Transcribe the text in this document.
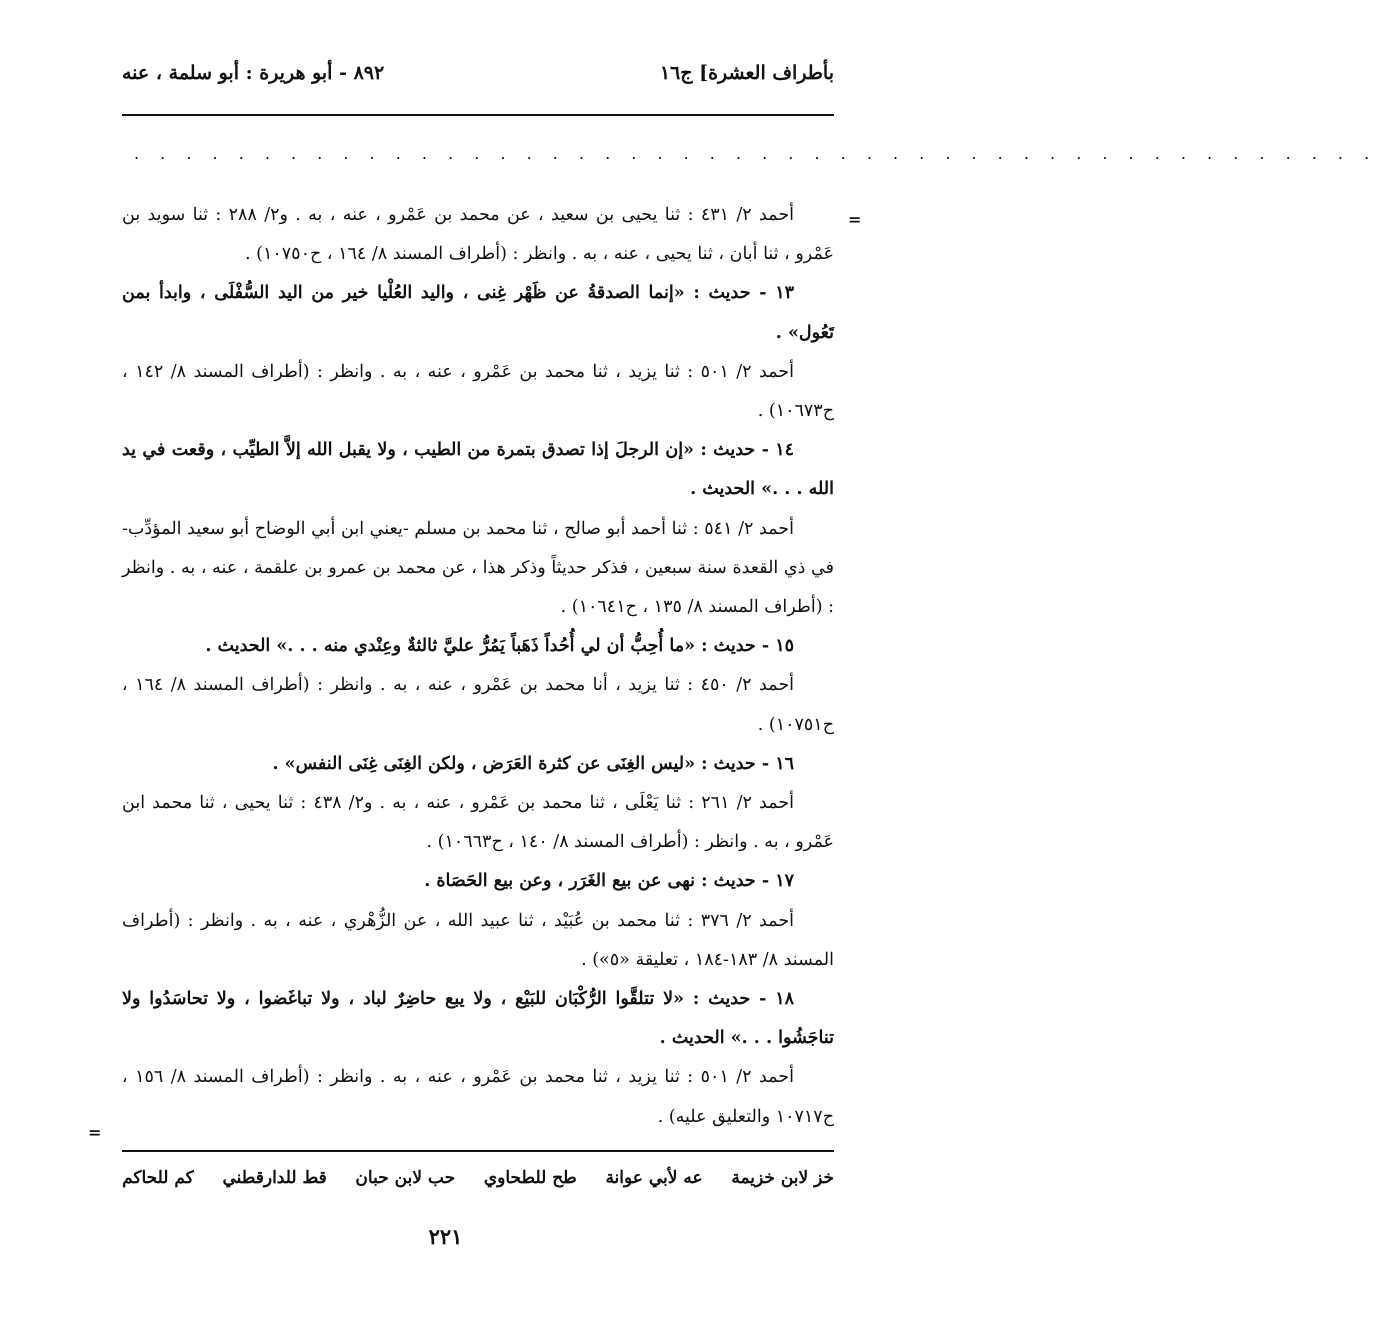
بأطراف العشرة] ج١٦
٨٩٢ - أبو هريرة : أبو سلمة ، عنه
. . . . . . . . . . . . . . . . . . . . . . . . . . . . . . . . . . . . . . . . . . . . . . . .
=
=

أحمد ٢/ ٤٣١ : ثنا يحيى بن سعيد ، عن محمد بن عَمْرو ، عنه ، به . و٢/ ٢٨٨ : ثنا سويد بن عَمْرو ، ثنا أبان ، ثنا يحيى ، عنه ، به . وانظر : (أطراف المسند ٨/ ١٦٤ ، ح١٠٧٥٠) .

١٣ - حديث : «إنما الصدقةُ عن ظَهْر غِنى ، واليد العُلْيا خير من اليد السُّفْلَى ، وابدأ بمن تَعُول» .

أحمد ٢/ ٥٠١ : ثنا يزيد ، ثنا محمد بن عَمْرو ، عنه ، به . وانظر : (أطراف المسند ٨/ ١٤٢ ، ح١٠٦٧٣) .

١٤ - حديث : «إن الرجلَ إذا تصدق بتمرة من الطيب ، ولا يقبل الله إلاَّ الطيِّب ، وقعت في يد الله . . .» الحديث .

أحمد ٢/ ٥٤١ : ثنا أحمد أبو صالح ، ثنا محمد بن مسلم -يعني ابن أبي الوضاح أبو سعيد المؤدِّب- في ذي القعدة سنة سبعين ، فذكر حديثاً وذكر هذا ، عن محمد بن عمرو بن علقمة ، عنه ، به . وانظر : (أطراف المسند ٨/ ١٣٥ ، ح١٠٦٤١) .

١٥ - حديث : «ما أُحِبُّ أن لي أُحُداً ذَهَباً يَمُرُّ عليَّ ثالثةٌ وعِنْدي منه . . .» الحديث .

أحمد ٢/ ٤٥٠ : ثنا يزيد ، أنا محمد بن عَمْرو ، عنه ، به . وانظر : (أطراف المسند ٨/ ١٦٤ ، ح١٠٧٥١) .

١٦ - حديث : «ليس الغِنَى عن كثرة العَرَض ، ولكن الغِنَى غِنَى النفس» .

أحمد ٢/ ٢٦١ : ثنا يَعْلَى ، ثنا محمد بن عَمْرو ، عنه ، به . و٢/ ٤٣٨ : ثنا يحيى ، ثنا محمد ابن عَمْرو ، به . وانظر : (أطراف المسند ٨/ ١٤٠ ، ح١٠٦٦٣) .

١٧ - حديث : نهى عن بيع الغَرَر ، وعن بيع الحَصَاة .

أحمد ٢/ ٣٧٦ : ثنا محمد بن عُبَيْد ، ثنا عبيد الله ، عن الزُّهْري ، عنه ، به . وانظر : (أطراف المسند ٨/ ١٨٣-١٨٤ ، تعليقة «٥») .

١٨ - حديث : «لا تتلقَّوا الرُّكْبَان للبَيْع ، ولا يبع حاضِرٌ لباد ، ولا تباغَضوا ، ولا تحاسَدُوا ولا تناجَشُوا . . .» الحديث .

أحمد ٢/ ٥٠١ : ثنا يزيد ، ثنا محمد بن عَمْرو ، عنه ، به . وانظر : (أطراف المسند ٨/ ١٥٦ ، ح١٠٧١٧ والتعليق عليه) .

خز لابن خزيمة
عه لأبي عوانة
طح للطحاوي
حب لابن حبان
قط للدارقطني
كم للحاكم
٢٢١
